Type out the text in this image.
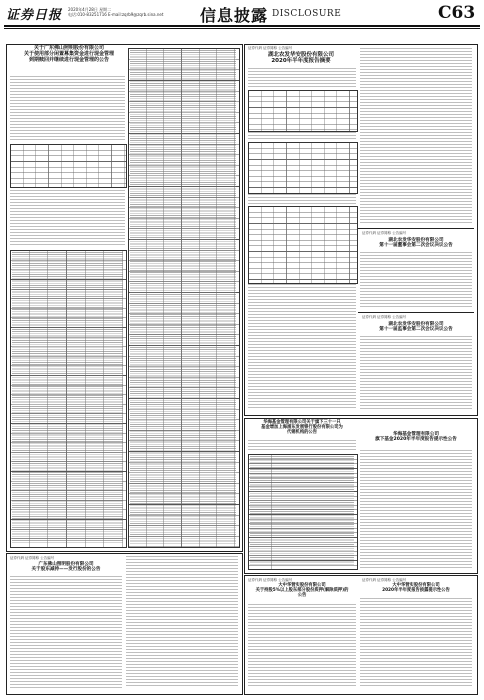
证券日报 2020年4月28日 星期二
电话:010-83251716 E-mail:zqrb9@zqrb.sina.net 信息披露 DISCLOSURE	C63
关于广东佛山照明股份有限公司
关于使用部分闲置募集资金进行现金管理
到期赎回并继续进行现金管理的公告
证券代码 证券简称 公告编号
湖北农发华安股份有限公司
2020年半年度报告摘要
证券代码 证券简称 公告编号
湖北农发华安股份有限公司
第十一届董事会第二次会议决议公告
证券代码 证券简称 公告编号
湖北农发华安股份有限公司
第十一届监事会第二次会议决议公告
华海基金管理有限公司关于旗下三十一只
基金增加上海浦东发展银行股份有限公司为
代销机构的公告	华海基金管理有限公司
旗下基金2020年半年度报告提示性公告
证券代码 证券简称 公告编号
广东佛山照明股份有限公司
关于股东减持——发行股份的公告
证券代码 证券简称 公告编号
大中华营实股份有限公司
关于持股5%以上股东部分股份质押(解除质押)的
公告
证券代码 证券简称 公告编号
大中华营实股份有限公司
2020年半年度报告披露提示性公告
